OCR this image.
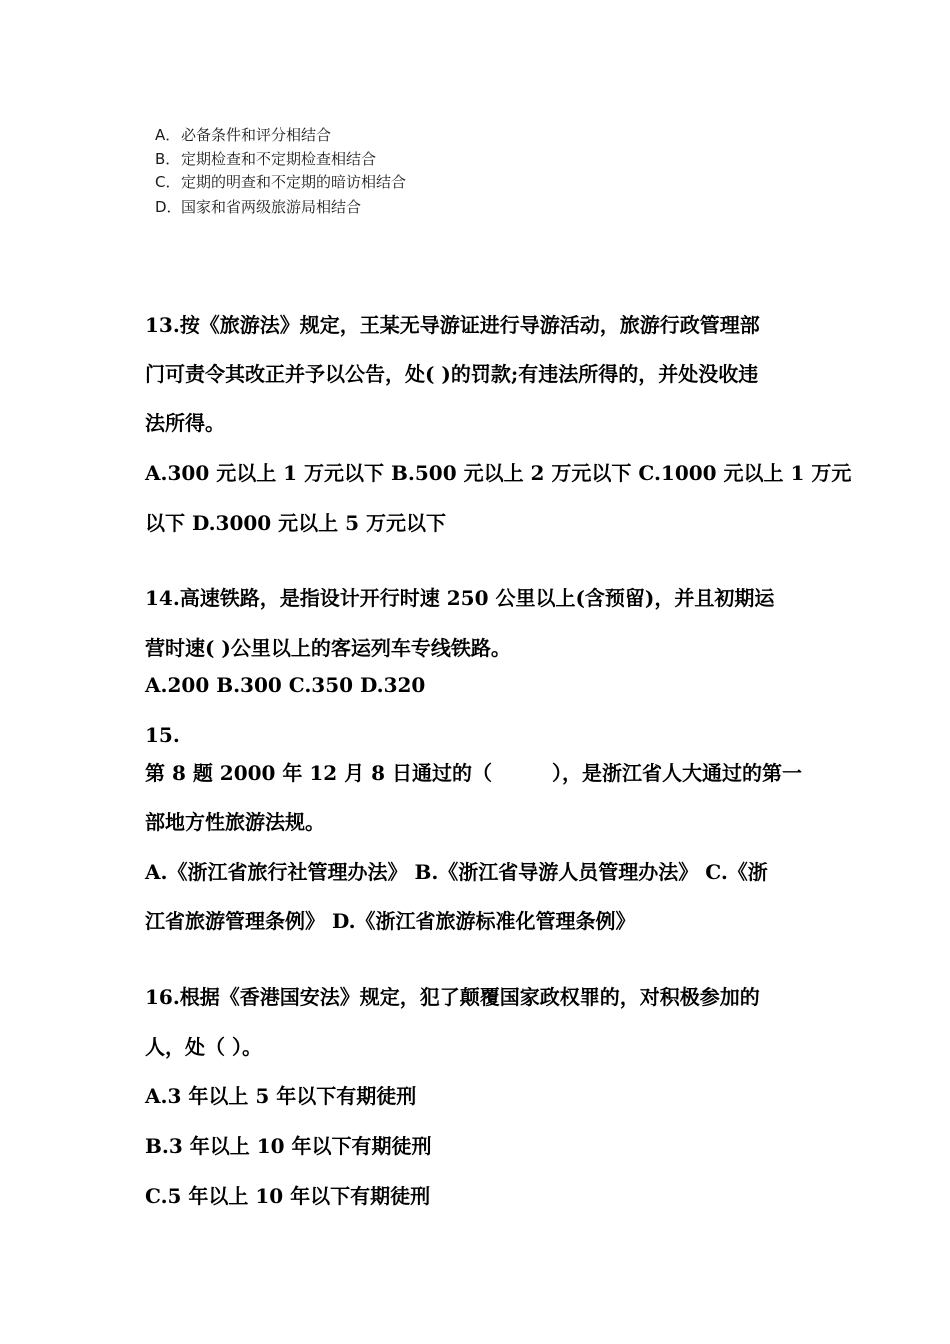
A．必备条件和评分相结合
B．定期检查和不定期检查相结合
C．定期的明查和不定期的暗访相结合
D．国家和省两级旅游局相结合
13.按《旅游法》规定，王某无导游证进行导游活动，旅游行政管理部
门可责令其改正并予以公告，处( )的罚款;有违法所得的，并处没收违
法所得。
A.300 元以上 1 万元以下 B.500 元以上 2 万元以下 C.1000 元以上 1 万元
以下 D.3000 元以上 5 万元以下
14.高速铁路，是指设计开行时速 250 公里以上(含预留)，并且初期运
营时速( )公里以上的客运列车专线铁路。
A.200 B.300 C.350 D.320
15.
第 8 题 2000 年 12 月 8 日通过的（　　　），是浙江省人大通过的第一
部地方性旅游法规。
A.《浙江省旅行社管理办法》 B.《浙江省导游人员管理办法》 C.《浙
江省旅游管理条例》 D.《浙江省旅游标准化管理条例》
16.根据《香港国安法》规定，犯了颠覆国家政权罪的，对积极参加的
人，处（ ）。
A.3 年以上 5 年以下有期徒刑
B.3 年以上 10 年以下有期徒刑
C.5 年以上 10 年以下有期徒刑
